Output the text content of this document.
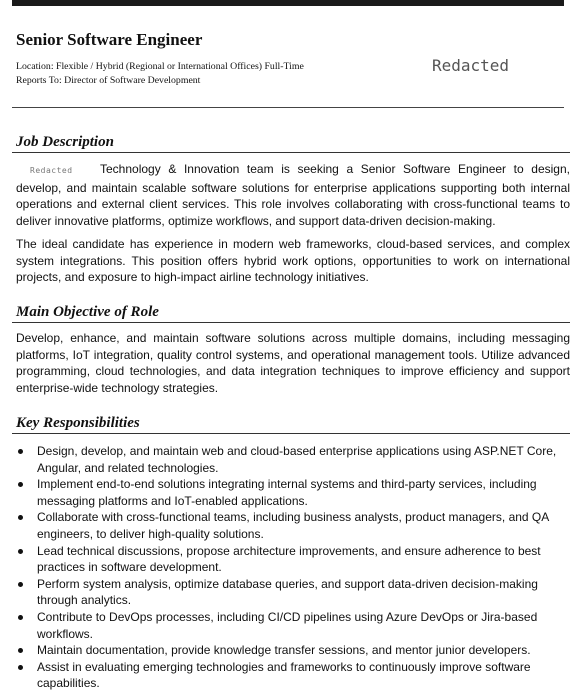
Senior Software Engineer
Location: Flexible / Hybrid (Regional or International Offices) Full-Time
Reports To: Director of Software Development
Redacted
Job Description

Redacted Technology & Innovation team is seeking a Senior Software Engineer to design, develop, and maintain scalable software solutions for enterprise applications supporting both internal operations and external client services. This role involves collaborating with cross-functional teams to deliver innovative platforms, optimize workflows, and support data-driven decision-making.

The ideal candidate has experience in modern web frameworks, cloud-based services, and complex system integrations. This position offers hybrid work options, opportunities to work on international projects, and exposure to high-impact airline technology initiatives.

Main Objective of Role

Develop, enhance, and maintain software solutions across multiple domains, including messaging platforms, IoT integration, quality control systems, and operational management tools. Utilize advanced programming, cloud technologies, and data integration techniques to improve efficiency and support enterprise-wide technology strategies.

Key Responsibilities
Design, develop, and maintain web and cloud-based enterprise applications using ASP.NET Core, Angular, and related technologies.
Implement end-to-end solutions integrating internal systems and third-party services, including messaging platforms and IoT-enabled applications.
Collaborate with cross-functional teams, including business analysts, product managers, and QA engineers, to deliver high-quality solutions.
Lead technical discussions, propose architecture improvements, and ensure adherence to best practices in software development.
Perform system analysis, optimize database queries, and support data-driven decision-making through analytics.
Contribute to DevOps processes, including CI/CD pipelines using Azure DevOps or Jira-based workflows.
Maintain documentation, provide knowledge transfer sessions, and mentor junior developers.
Assist in evaluating emerging technologies and frameworks to continuously improve software capabilities.
